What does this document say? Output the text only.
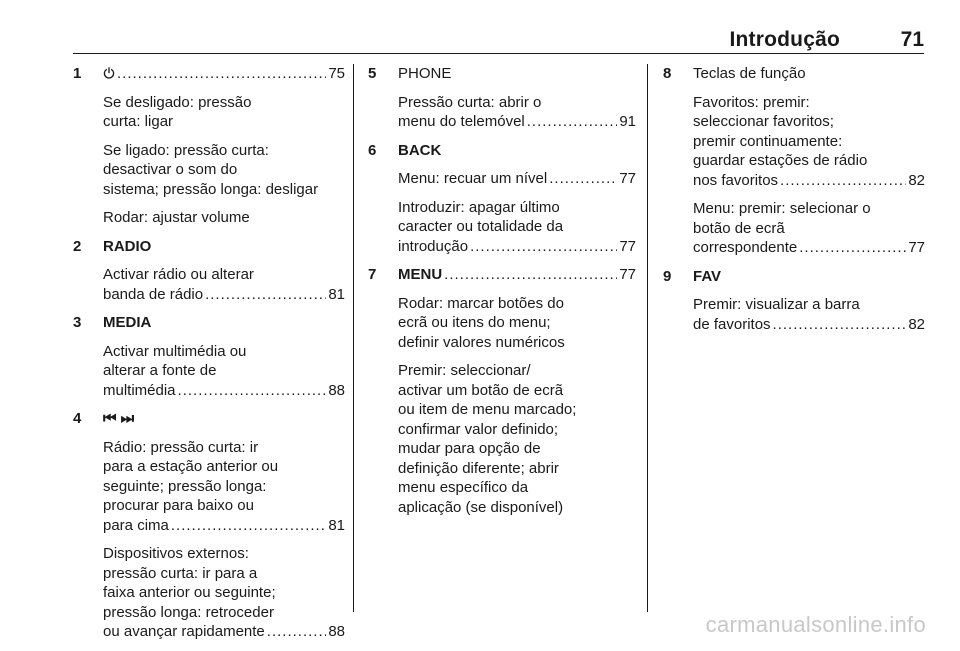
Introdução	71
1 .....	75
Se desligado: pressão
curta: ligar
Se ligado: pressão curta:
desactivar o som do
sistema; pressão longa: desligar
Rodar: ajustar volume
2 RADIO
Activar rádio ou alterar
banda de rádio .....	81
3 MEDIA
Activar multimédia ou
alterar a fonte de
multimédia .....	88
4 ⏮ ⏭
Rádio: pressão curta: ir
para a estação anterior ou
seguinte; pressão longa:
procurar para baixo ou
para cima .....	81
Dispositivos externos:
pressão curta: ir para a
faixa anterior ou seguinte;
pressão longa: retroceder
ou avançar rapidamente .....	88
5 PHONE
Pressão curta: abrir o
menu do telemóvel .....	91
6 BACK
Menu: recuar um nível .....	77
Introduzir: apagar último
caracter ou totalidade da
introdução .....	77
7 MENU .....	77
Rodar: marcar botões do
ecrã ou itens do menu;
definir valores numéricos
Premir: seleccionar/
activar um botão de ecrã
ou item de menu marcado;
confirmar valor definido;
mudar para opção de
definição diferente; abrir
menu específico da
aplicação (se disponível)
8 Teclas de função
Favoritos: premir:
seleccionar favoritos;
premir continuamente:
guardar estações de rádio
nos favoritos .....	82
Menu: premir: selecionar o
botão de ecrã
correspondente .....	77
9 FAV
Premir: visualizar a barra
de favoritos .....	82
carmanualsonline.info
